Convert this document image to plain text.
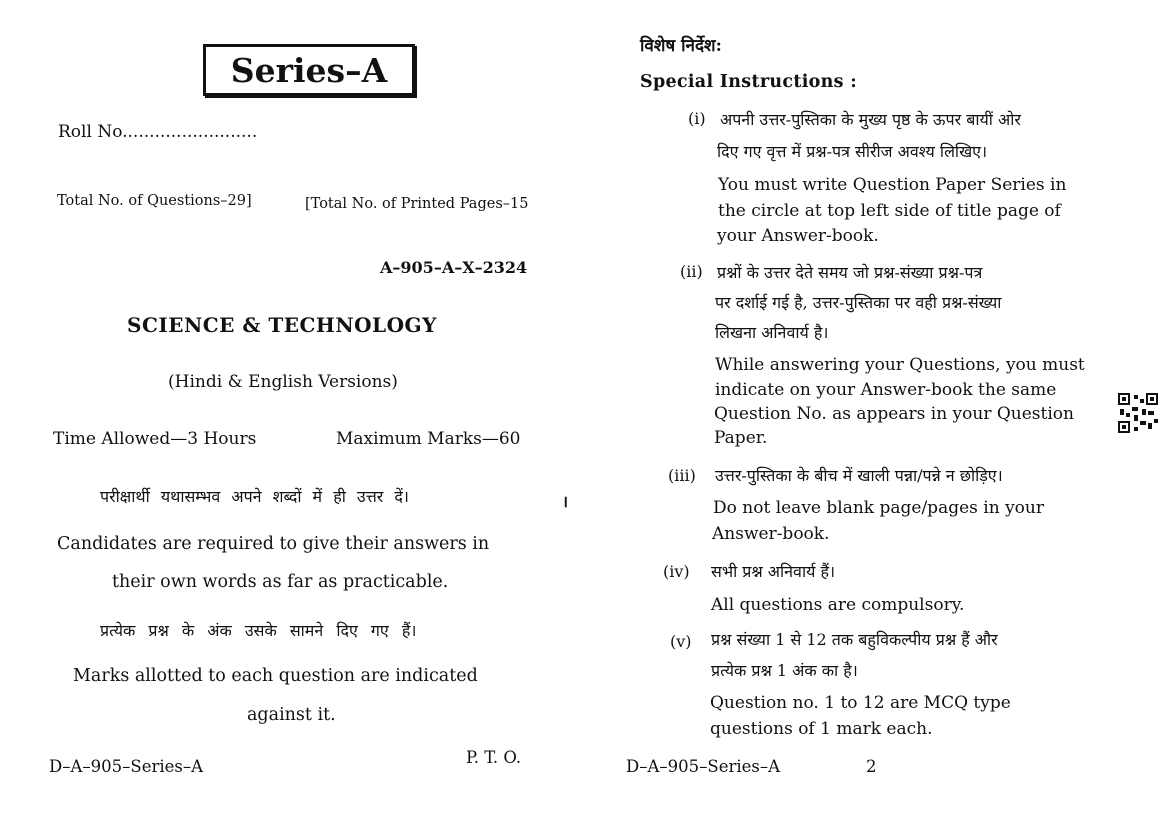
Series–A
Roll No.........................
Total No. of Questions–29]	[Total No. of Printed Pages–15
A–905–A–X–2324
SCIENCE & TECHNOLOGY
(Hindi & English Versions)
Time Allowed—3 Hours	Maximum Marks—60
परीक्षार्थी यथासम्भव अपने शब्दों में ही उत्तर दें।	।
Candidates are required to give their answers in
their own words as far as practicable.
प्रत्येक प्रश्न के अंक उसके सामने दिए गए हैं।
Marks allotted to each question are indicated
against it.
D–A–905–Series–A	P. T. O.
विशेष निर्देश:
Special Instructions :
(i) अपनी उत्तर-पुस्तिका के मुख्य पृष्ठ के ऊपर बायीं ओर
दिए गए वृत्त में प्रश्न-पत्र सीरीज अवश्य लिखिए।
You must write Question Paper Series in
the circle at top left side of title page of
your Answer-book.
(ii) प्रश्नों के उत्तर देते समय जो प्रश्न-संख्या प्रश्न-पत्र
पर दर्शाई गई है, उत्तर-पुस्तिका पर वही प्रश्न-संख्या
लिखना अनिवार्य है।
While answering your Questions, you must
indicate on your Answer-book the same
Question No. as appears in your Question
Paper.
(iii) उत्तर-पुस्तिका के बीच में खाली पन्ना/पन्ने न छोड़िए।
Do not leave blank page/pages in your
Answer-book.
(iv) सभी प्रश्न अनिवार्य हैं।
All questions are compulsory.
(v) प्रश्न संख्या 1 से 12 तक बहुविकल्पीय प्रश्न हैं और
प्रत्येक प्रश्न 1 अंक का है।
Question no. 1 to 12 are MCQ type
questions of 1 mark each.
D–A–905–Series–A	2
